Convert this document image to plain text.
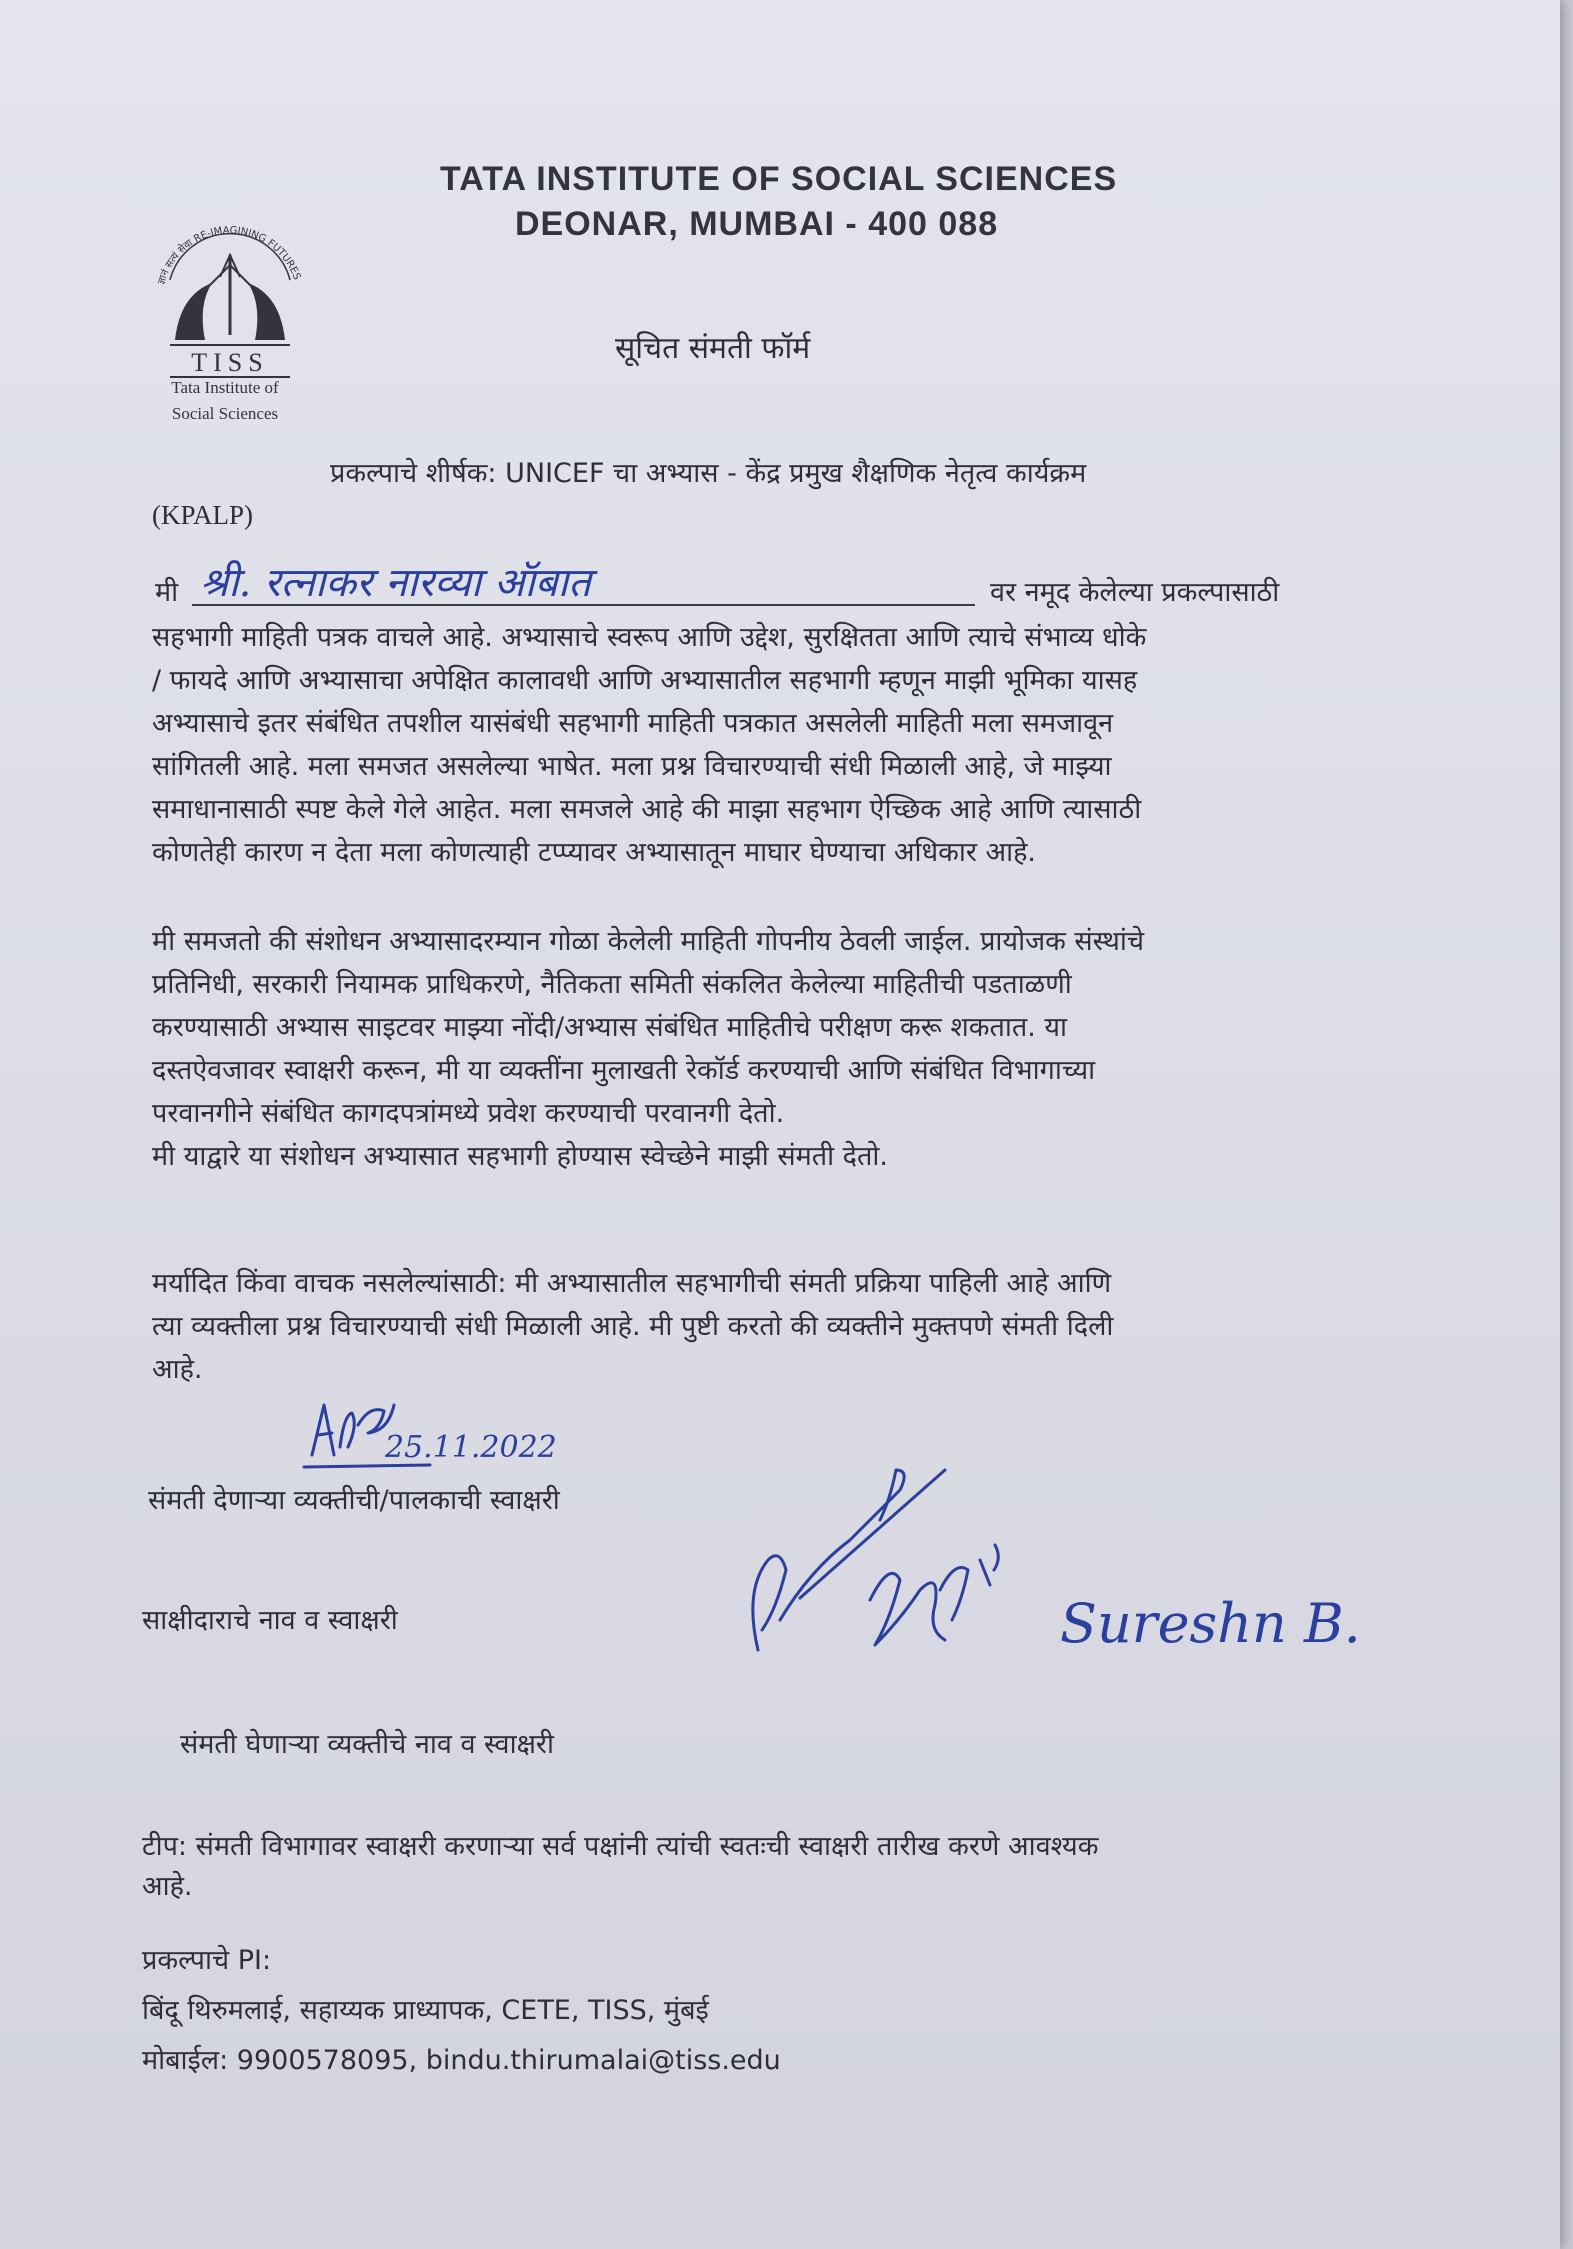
TATA INSTITUTE OF SOCIAL SCIENCES
DEONAR, MUMBAI - 400 088
ज्ञानं सत्यं सेवा RE-IMAGINING FUTURES
TISS
Tata Institute of
Social Sciences
सूचित संमती फॉर्म
प्रकल्पाचे शीर्षक: UNICEF चा अभ्यास - केंद्र प्रमुख शैक्षणिक नेतृत्व कार्यक्रम
(KPALP)
मी श्री. रत्नाकर नारव्या ऑबात	वर नमूद केलेल्या प्रकल्पासाठी
सहभागी माहिती पत्रक वाचले आहे. अभ्यासाचे स्वरूप आणि उद्देश, सुरक्षितता आणि त्याचे संभाव्य धोके
/ फायदे आणि अभ्यासाचा अपेक्षित कालावधी आणि अभ्यासातील सहभागी म्हणून माझी भूमिका यासह
अभ्यासाचे इतर संबंधित तपशील यासंबंधी सहभागी माहिती पत्रकात असलेली माहिती मला समजावून
सांगितली आहे. मला समजत असलेल्या भाषेत. मला प्रश्न विचारण्याची संधी मिळाली आहे, जे माझ्या
समाधानासाठी स्पष्ट केले गेले आहेत. मला समजले आहे की माझा सहभाग ऐच्छिक आहे आणि त्यासाठी
कोणतेही कारण न देता मला कोणत्याही टप्प्यावर अभ्यासातून माघार घेण्याचा अधिकार आहे.
मी समजतो की संशोधन अभ्यासादरम्यान गोळा केलेली माहिती गोपनीय ठेवली जाईल. प्रायोजक संस्थांचे
प्रतिनिधी, सरकारी नियामक प्राधिकरणे, नैतिकता समिती संकलित केलेल्या माहितीची पडताळणी
करण्यासाठी अभ्यास साइटवर माझ्या नोंदी/अभ्यास संबंधित माहितीचे परीक्षण करू शकतात. या
दस्तऐवजावर स्वाक्षरी करून, मी या व्यक्तींना मुलाखती रेकॉर्ड करण्याची आणि संबंधित विभागाच्या
परवानगीने संबंधित कागदपत्रांमध्ये प्रवेश करण्याची परवानगी देतो.
मी याद्वारे या संशोधन अभ्यासात सहभागी होण्यास स्वेच्छेने माझी संमती देतो.
मर्यादित किंवा वाचक नसलेल्यांसाठी: मी अभ्यासातील सहभागीची संमती प्रक्रिया पाहिली आहे आणि
त्या व्यक्तीला प्रश्न विचारण्याची संधी मिळाली आहे. मी पुष्टी करतो की व्यक्तीने मुक्तपणे संमती दिली
आहे.
25.11.2022
संमती देणाऱ्या व्यक्तीची/पालकाची स्वाक्षरी
साक्षीदाराचे नाव व स्वाक्षरी
संमती घेणाऱ्या व्यक्तीचे नाव व स्वाक्षरी
Sureshn B.
टीप: संमती विभागावर स्वाक्षरी करणाऱ्या सर्व पक्षांनी त्यांची स्वतःची स्वाक्षरी तारीख करणे आवश्यक
आहे.
प्रकल्पाचे PI:
बिंदू थिरुमलाई, सहाय्यक प्राध्यापक, CETE, TISS, मुंबई
मोबाईल: 9900578095, bindu.thirumalai@tiss.edu
